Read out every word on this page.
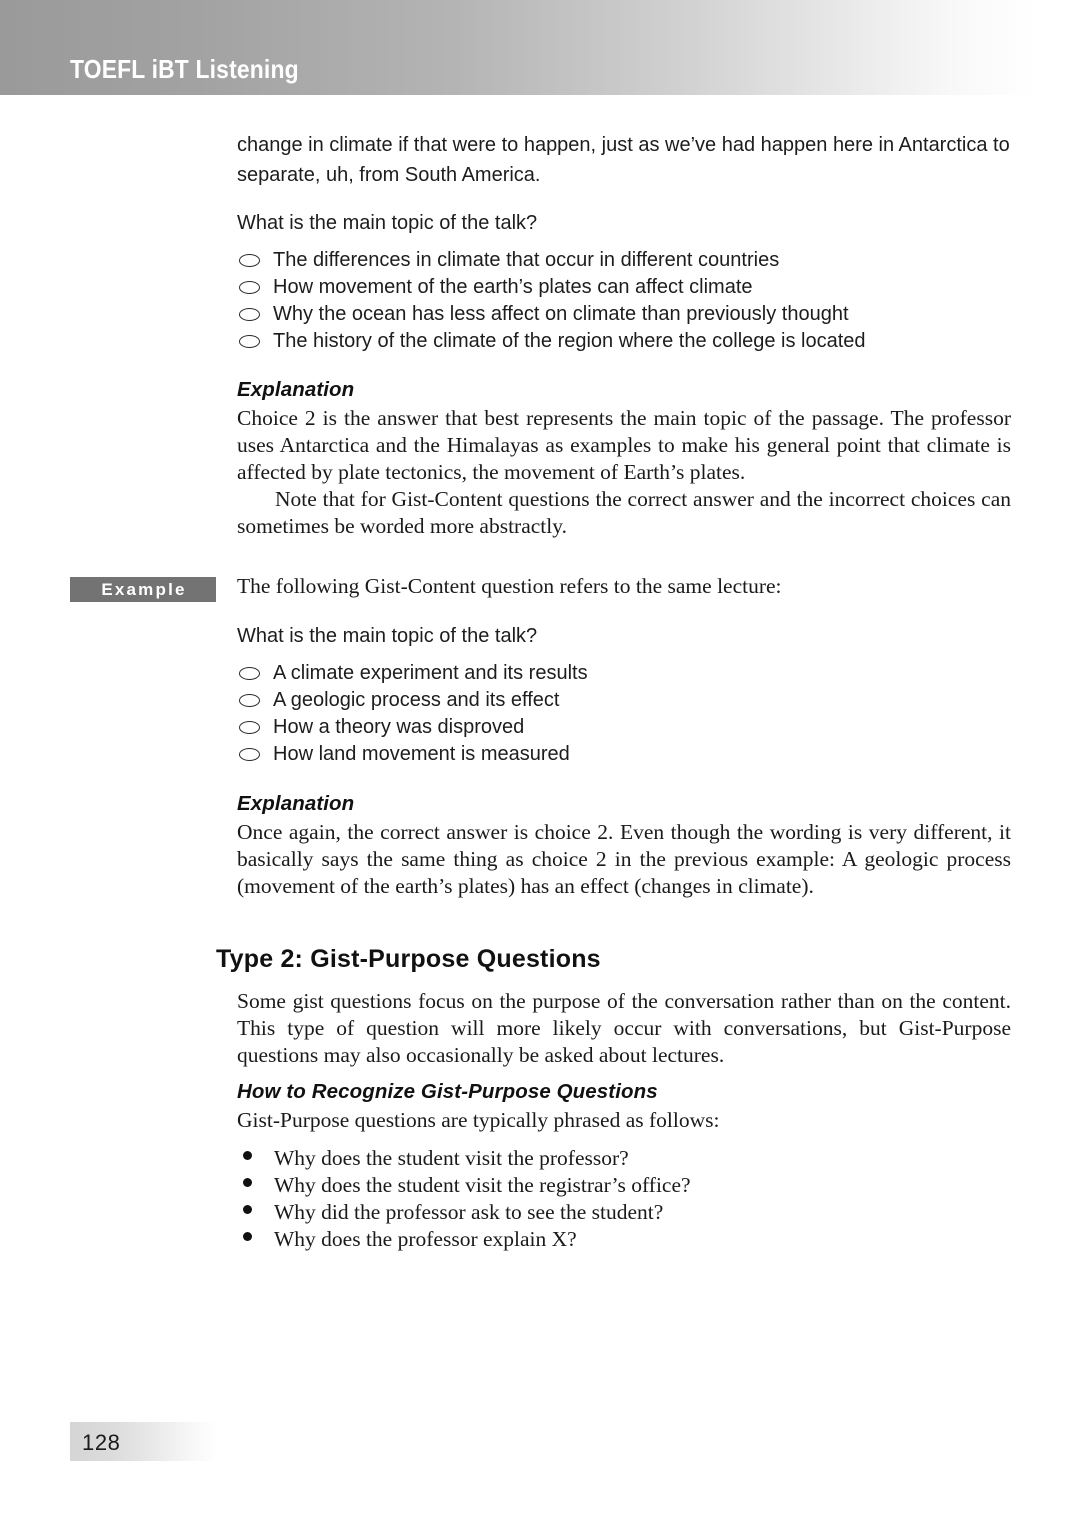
TOEFL iBT Listening

change in climate if that were to happen, just as we’ve had happen here in Antarctica to separate, uh, from South America.

What is the main topic of the talk?

The differences in climate that occur in different countries
How movement of the earth’s plates can affect climate
Why the ocean has less affect on climate than previously thought
The history of the climate of the region where the college is located
Explanation

Choice 2 is the answer that best represents the main topic of the passage. The professor uses Antarctica and the Himalayas as examples to make his general point that climate is affected by plate tectonics, the movement of Earth’s plates.

Note that for Gist-Content questions the correct answer and the incorrect choices can sometimes be worded more abstractly.

Example The following Gist-Content question refers to the same lecture:

What is the main topic of the talk?

A climate experiment and its results
A geologic process and its effect
How a theory was disproved
How land movement is measured
Explanation

Once again, the correct answer is choice 2. Even though the wording is very different, it basically says the same thing as choice 2 in the previous example: A geologic process (movement of the earth’s plates) has an effect (changes in climate).

Type 2: Gist-Purpose Questions

Some gist questions focus on the purpose of the conversation rather than on the content. This type of question will more likely occur with conversations, but Gist-Purpose questions may also occasionally be asked about lectures.

How to Recognize Gist-Purpose Questions

Gist-Purpose questions are typically phrased as follows:

Why does the student visit the professor?
Why does the student visit the registrar’s office?
Why did the professor ask to see the student?
Why does the professor explain X?
128
